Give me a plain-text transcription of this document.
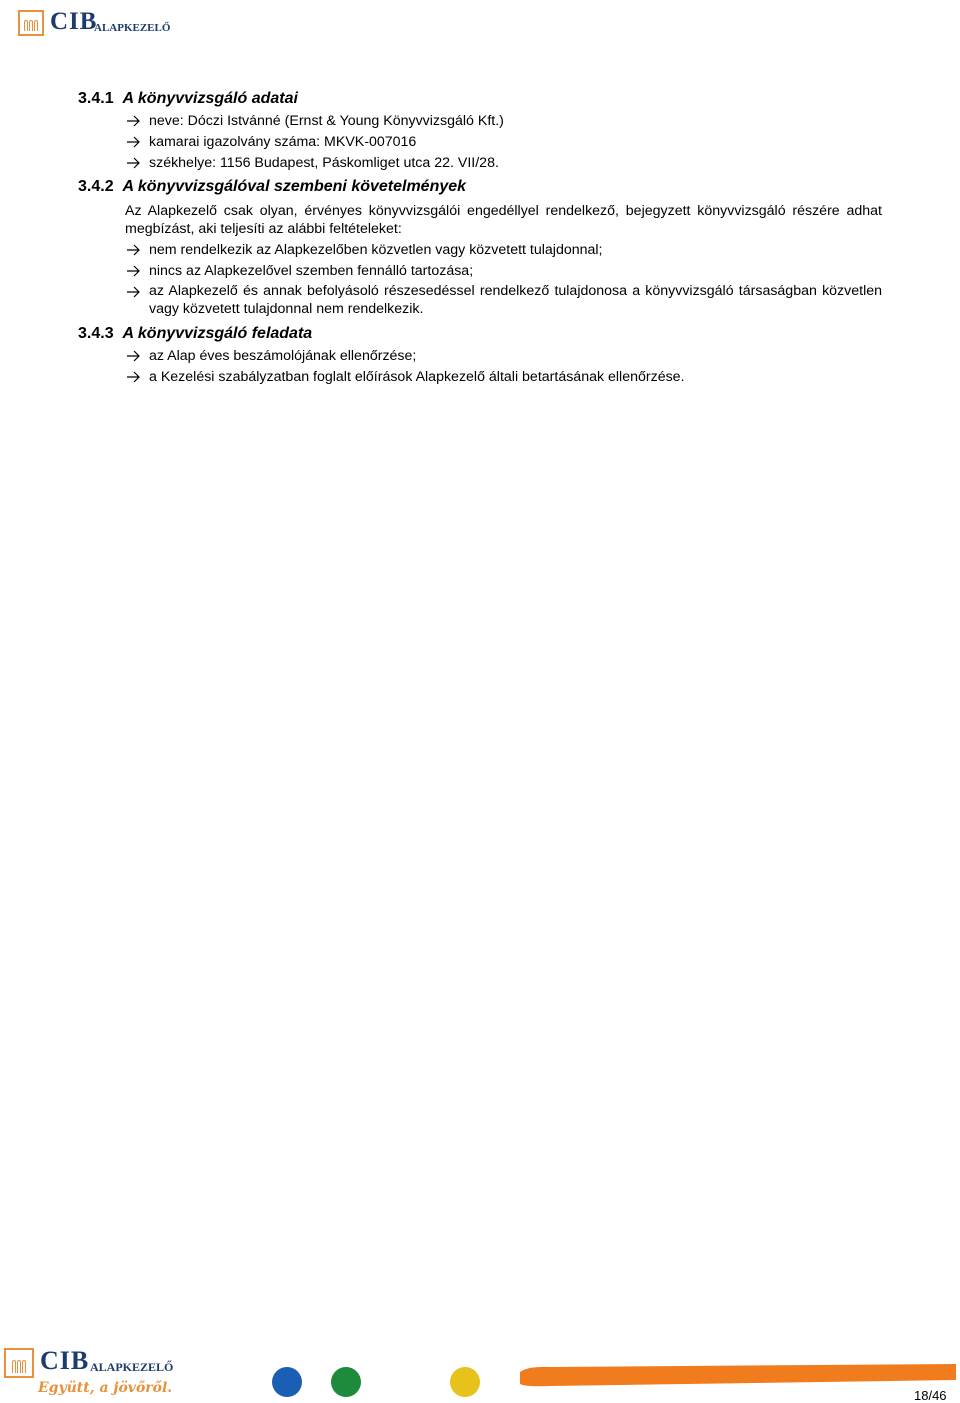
CIB
ALAPKEZELŐ
3.4.1 A könyvvizsgáló adatai
neve: Dóczi Istvánné (Ernst & Young Könyvvizsgáló Kft.)
kamarai igazolvány száma: MKVK-007016
székhelye: 1156 Budapest, Páskomliget utca 22. VII/28.
3.4.2 A könyvvizsgálóval szembeni követelmények
Az Alapkezelő csak olyan, érvényes könyvvizsgálói engedéllyel rendelkező, bejegyzett könyvvizsgáló részére adhat megbízást, aki teljesíti az alábbi feltételeket:
nem rendelkezik az Alapkezelőben közvetlen vagy közvetett tulajdonnal;
nincs az Alapkezelővel szemben fennálló tartozása;
az Alapkezelő és annak befolyásoló részesedéssel rendelkező tulajdonosa a könyvvizsgáló társaságban közvetlen vagy közvetett tulajdonnal nem rendelkezik.
3.4.3 A könyvvizsgáló feladata
az Alap éves beszámolójának ellenőrzése;
a Kezelési szabályzatban foglalt előírások Alapkezelő általi betartásának ellenőrzése.
CIB ALAPKEZELŐ
Együtt, a jövőről.	18/46
